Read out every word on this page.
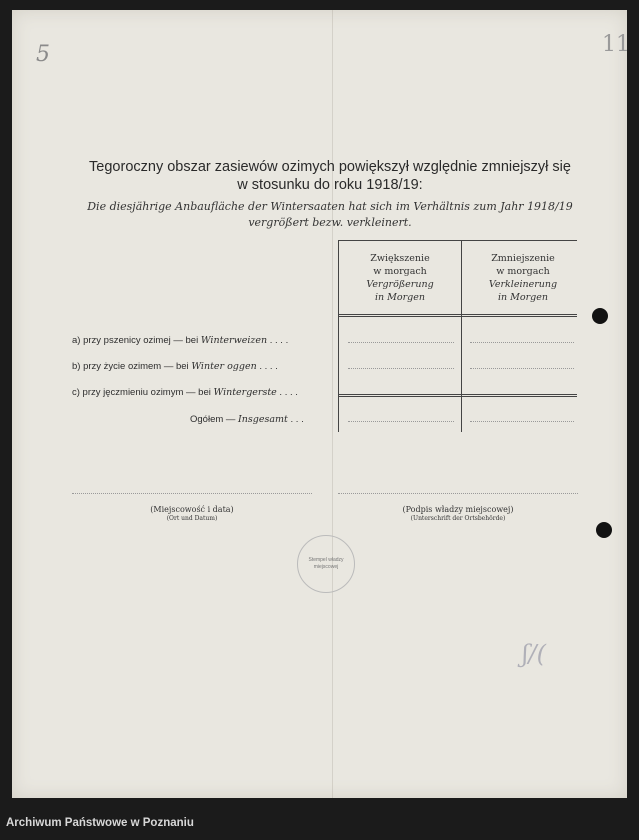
5	11
ʃ/(
Tegoroczny obszar zasiewów ozimych powiększył względnie zmniejszył się
w stosunku do roku 1918/19:
Die diesjährige Anbaufläche der Wintersaaten hat sich im Verhältnis zum Jahr 1918/19
vergrößert bezw. verkleinert.
Zwiększenie
w morgach
Vergrößerung
in Morgen
Zmniejszenie
w morgach
Verkleinerung
in Morgen
a) przy pszenicy ozimej — bei Winterweizen . . . .
b) przy życie ozimem — bei Winter oggen . . . .
c) przy jęczmieniu ozimym — bei Wintergerste . . . .
Ogółem — Insgesamt . . .
(Miejscowość i data)
(Ort und Datum)
(Podpis władzy miejscowej)
(Unterschrift der Ortsbehörde)
Stempel władzy
miejscowej
Archiwum Państwowe w Poznaniu
